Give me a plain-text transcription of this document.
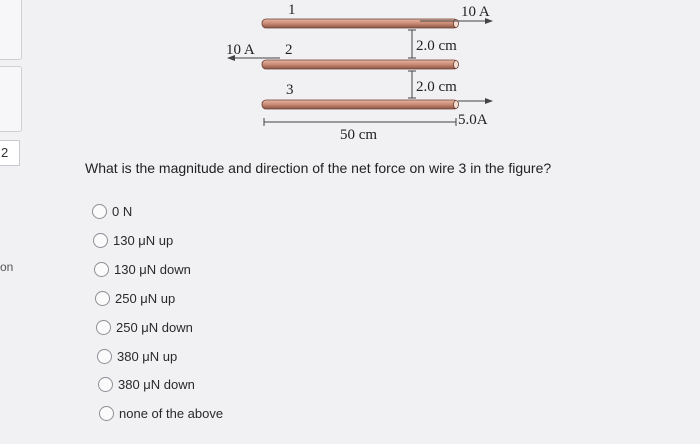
2
on
1
2
3
10 A
10 A	2.0 cm
2.0 cm
5.0A
50 cm
What is the magnitude and direction of the net force on wire 3 in the figure?
0 N
130 μN up
130 μN down
250 μN up
250 μN down
380 μN up
380 μN down
none of the above
